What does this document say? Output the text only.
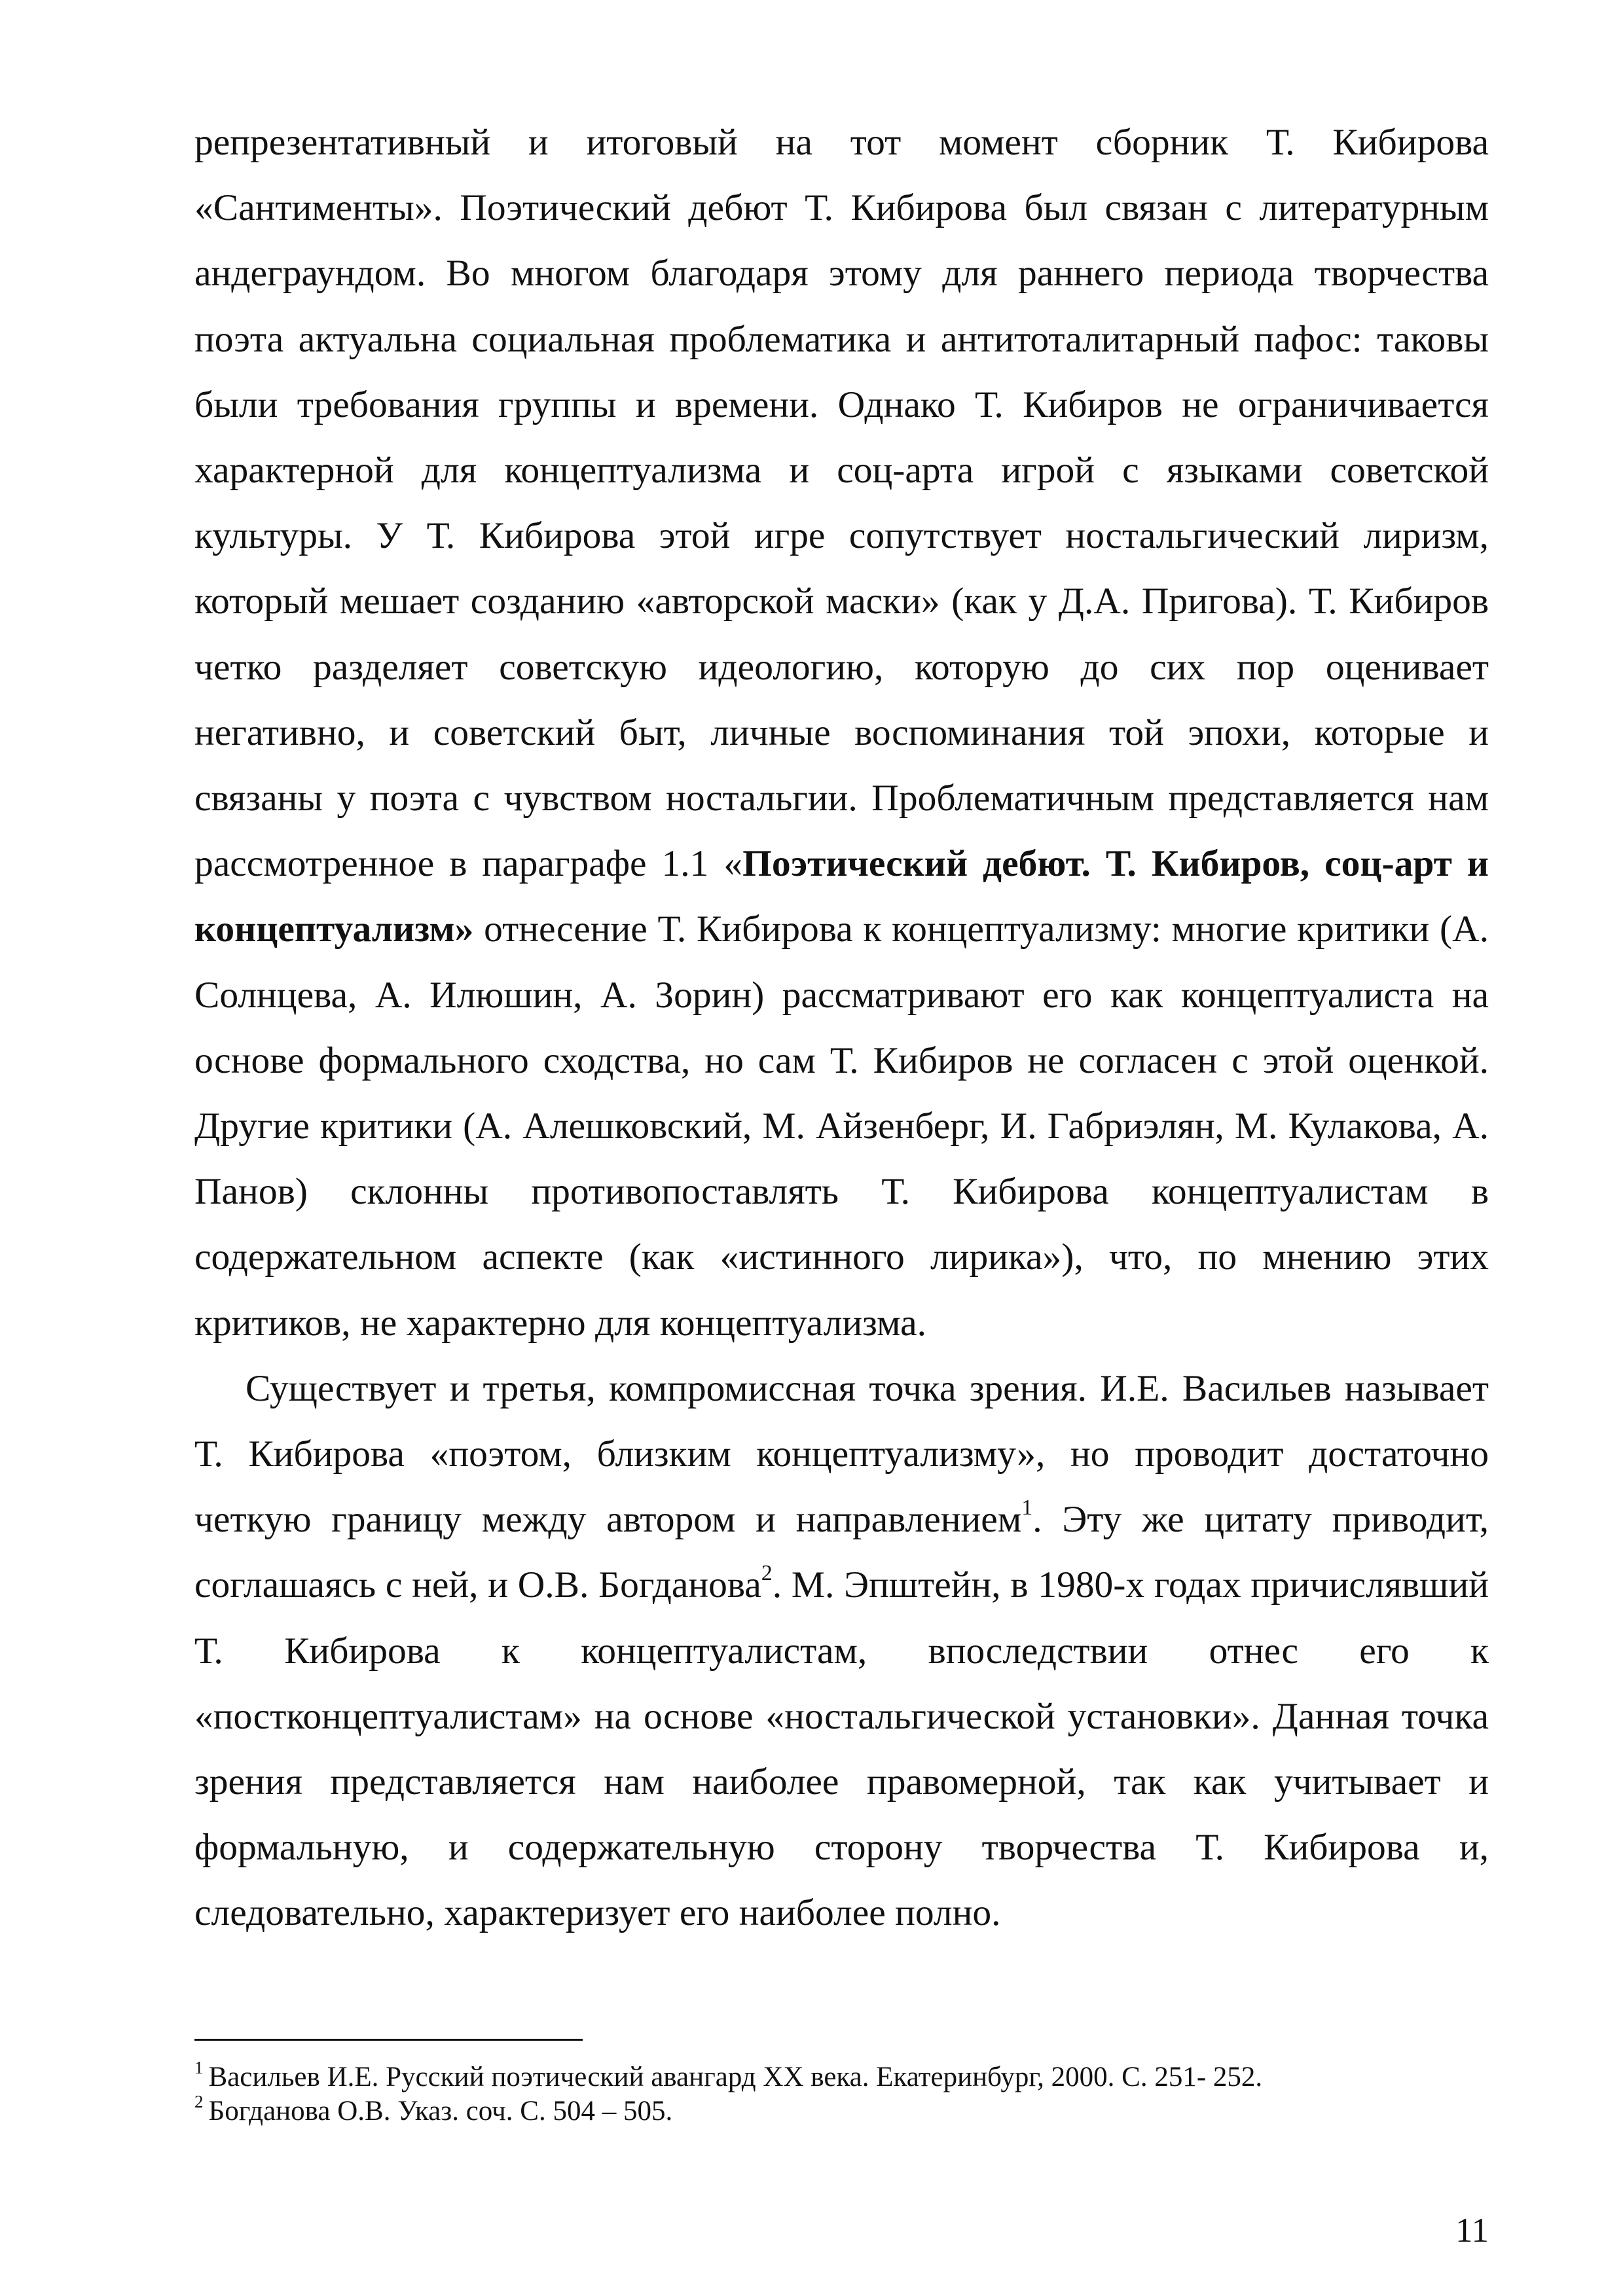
репрезентативный и итоговый на тот момент сборник Т. Кибирова «Сантименты». Поэтический дебют Т. Кибирова был связан с литературным андеграундом. Во многом благодаря этому для раннего периода творчества поэта актуальна социальная проблематика и антитоталитарный пафос: таковы были требования группы и времени. Однако Т. Кибиров не ограничивается характерной для концептуализма и соц-арта игрой с языками советской культуры. У Т. Кибирова этой игре сопутствует ностальгический лиризм, который мешает созданию «авторской маски» (как у Д.А. Пригова). Т. Кибиров четко разделяет советскую идеологию, которую до сих пор оценивает негативно, и советский быт, личные воспоминания той эпохи, которые и связаны у поэта с чувством ностальгии. Проблематичным представляется нам рассмотренное в параграфе 1.1 «Поэтический дебют. Т. Кибиров, соц-арт и концептуализм» отнесение Т. Кибирова к концептуализму: многие критики (А. Солнцева, А. Илюшин, А. Зорин) рассматривают его как концептуалиста на основе формального сходства, но сам Т. Кибиров не согласен с этой оценкой. Другие критики (А. Алешковский, М. Айзенберг, И. Габриэлян, М. Кулакова, А. Панов) склонны противопоставлять Т. Кибирова концептуалистам в содержательном аспекте (как «истинного лирика»), что, по мнению этих критиков, не характерно для концептуализма.

Существует и третья, компромиссная точка зрения. И.Е. Васильев называет Т. Кибирова «поэтом, близким концептуализму», но проводит достаточно четкую границу между автором и направлением$^1$. Эту же цитату приводит, соглашаясь с ней, и О.В. Богданова$^2$. М. Эпштейн, в 1980-х годах причислявший Т. Кибирова к концептуалистам, впоследствии отнес его к «постконцептуалистам» на основе «ностальгической установки». Данная точка зрения представляется нам наиболее правомерной, так как учитывает и формальную, и содержательную сторону творчества Т. Кибирова и, следовательно, характеризует его наиболее полно.

$^1$ Васильев И.Е. Русский поэтический авангард XX века. Екатеринбург, 2000. С. 251- 252.

$^2$ Богданова О.В. Указ. соч. С. 504 – 505.

11
